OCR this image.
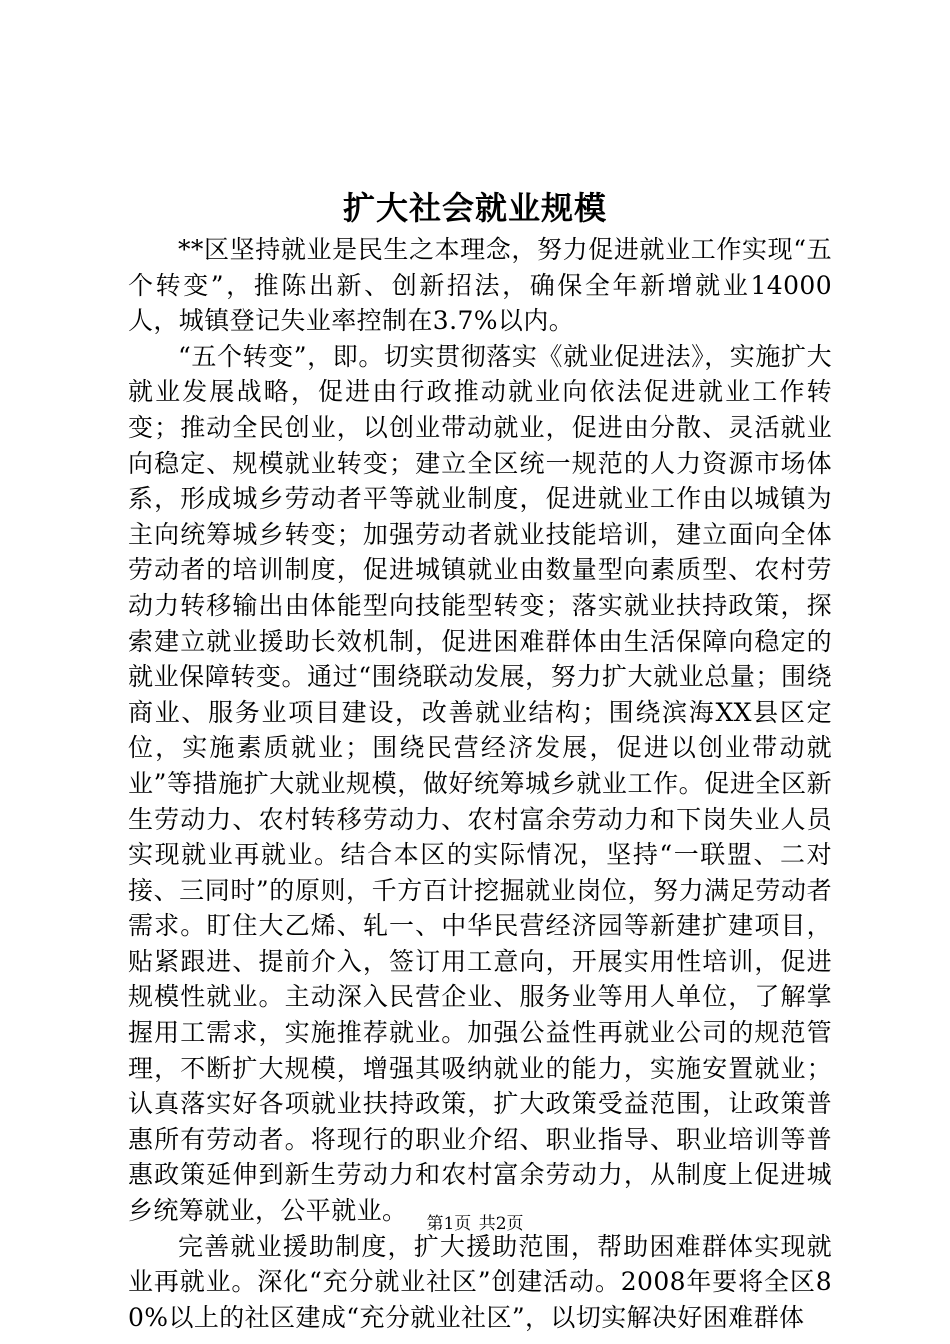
扩大社会就业规模

**区坚持就业是民生之本理念，努力促进就业工作实现“五个转变”，推陈出新、创新招法，确保全年新增就业14000人，城镇登记失业率控制在3.7%以内。

“五个转变”，即。切实贯彻落实《就业促进法》，实施扩大就业发展战略，促进由行政推动就业向依法促进就业工作转变；推动全民创业，以创业带动就业，促进由分散、灵活就业向稳定、规模就业转变；建立全区统一规范的人力资源市场体系，形成城乡劳动者平等就业制度，促进就业工作由以城镇为主向统筹城乡转变；加强劳动者就业技能培训，建立面向全体劳动者的培训制度，促进城镇就业由数量型向素质型、农村劳动力转移输出由体能型向技能型转变；落实就业扶持政策，探索建立就业援助长效机制，促进困难群体由生活保障向稳定的就业保障转变。通过“围绕联动发展，努力扩大就业总量；围绕商业、服务业项目建设，改善就业结构；围绕滨海XX县区定位，实施素质就业；围绕民营经济发展，促进以创业带动就业”等措施扩大就业规模，做好统筹城乡就业工作。促进全区新生劳动力、农村转移劳动力、农村富余劳动力和下岗失业人员实现就业再就业。结合本区的实际情况，坚持“一联盟、二对接、三同时”的原则，千方百计挖掘就业岗位，努力满足劳动者需求。盯住大乙烯、轧一、中华民营经济园等新建扩建项目，贴紧跟进、提前介入，签订用工意向，开展实用性培训，促进规模性就业。主动深入民营企业、服务业等用人单位，了解掌握用工需求，实施推荐就业。加强公益性再就业公司的规范管理，不断扩大规模，增强其吸纳就业的能力，实施安置就业；认真落实好各项就业扶持政策，扩大政策受益范围，让政策普惠所有劳动者。将现行的职业介绍、职业指导、职业培训等普惠政策延伸到新生劳动力和农村富余劳动力，从制度上促进城乡统筹就业，公平就业。

完善就业援助制度，扩大援助范围，帮助困难群体实现就业再就业。深化“充分就业社区”创建活动。2008年要将全区80%以上的社区建成“充分就业社区”，以切实解决好困难群体

第1页 共2页
